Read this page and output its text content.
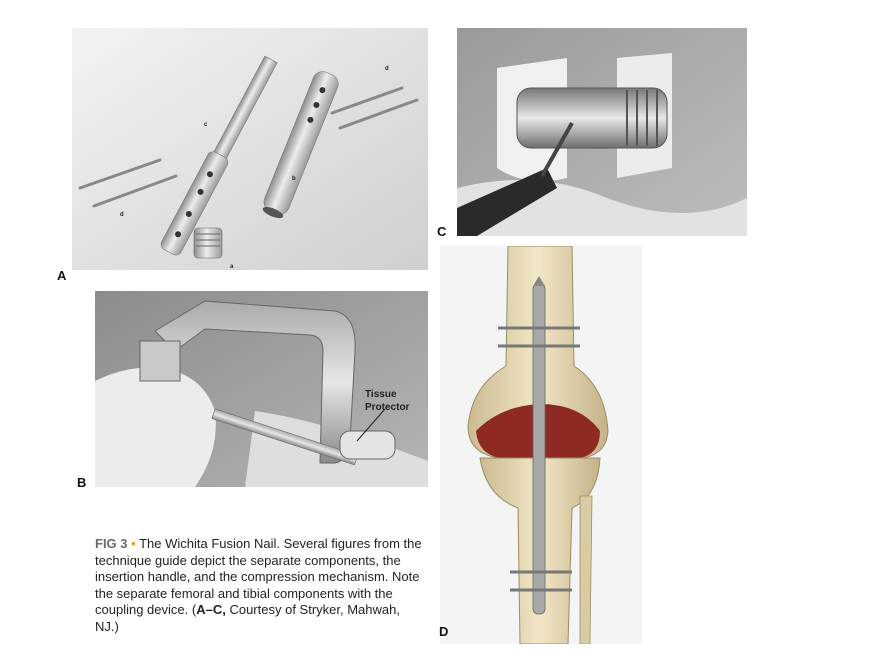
a
b
c
d
d
A
Tissue
Protector
B
C
D
FIG 3 • The Wichita Fusion Nail. Several figures from the technique guide depict the separate components, the insertion handle, and the compression mechanism. Note the separate femoral and tibial components with the coupling device. (A–C, Courtesy of Stryker, Mahwah, NJ.)
